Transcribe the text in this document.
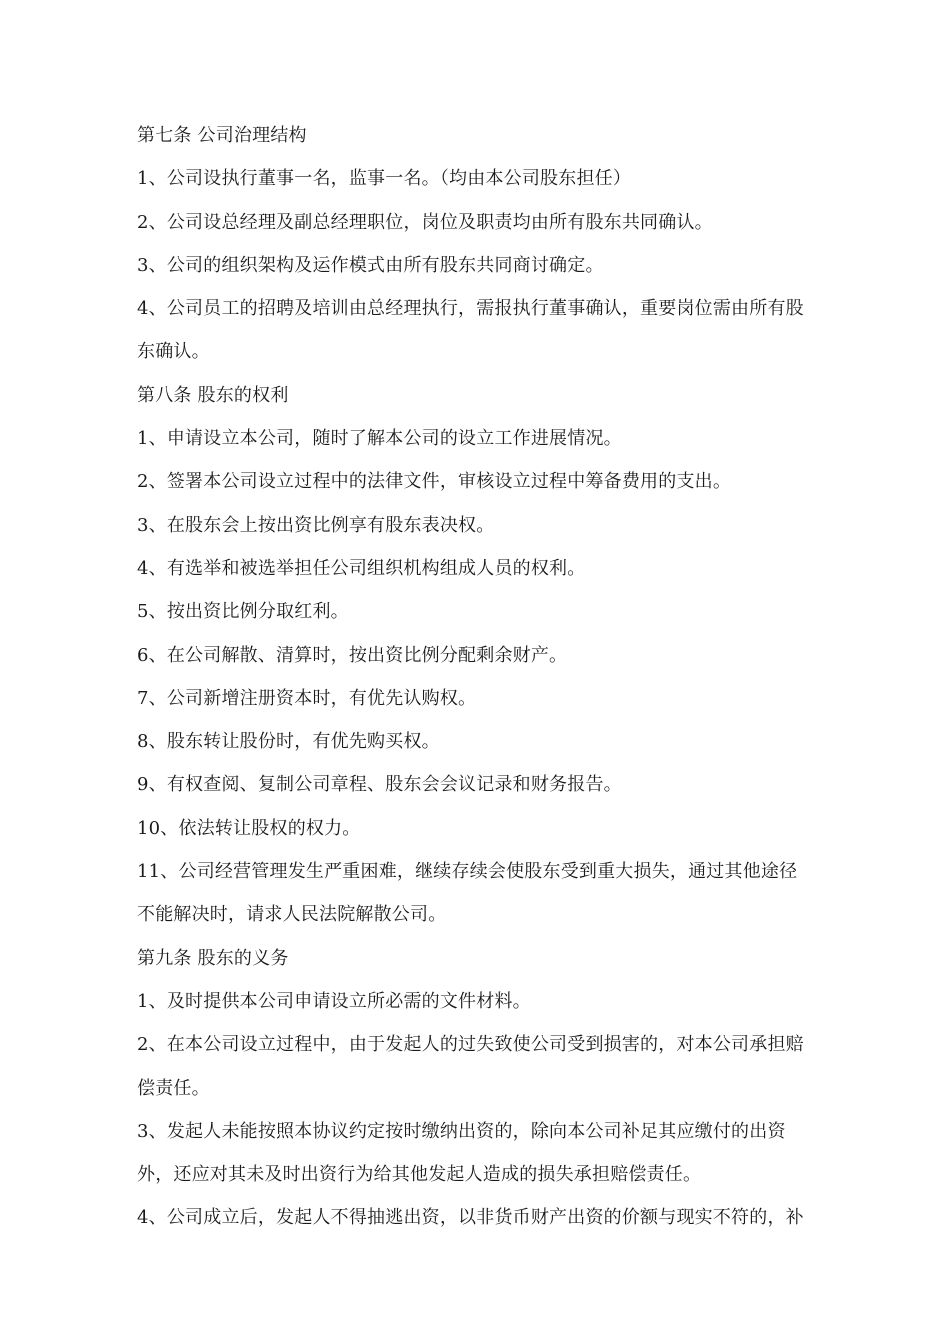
第七条 公司治理结构
1、公司设执行董事一名，监事一名。（均由本公司股东担任）
2、公司设总经理及副总经理职位，岗位及职责均由所有股东共同确认。
3、公司的组织架构及运作模式由所有股东共同商讨确定。
4、公司员工的招聘及培训由总经理执行，需报执行董事确认，重要岗位需由所有股
东确认。
第八条 股东的权利
1、申请设立本公司，随时了解本公司的设立工作进展情况。
2、签署本公司设立过程中的法律文件，审核设立过程中筹备费用的支出。
3、在股东会上按出资比例享有股东表决权。
4、有选举和被选举担任公司组织机构组成人员的权利。
5、按出资比例分取红利。
6、在公司解散、清算时，按出资比例分配剩余财产。
7、公司新增注册资本时，有优先认购权。
8、股东转让股份时，有优先购买权。
9、有权查阅、复制公司章程、股东会会议记录和财务报告。
10、依法转让股权的权力。
11、公司经营管理发生严重困难，继续存续会使股东受到重大损失，通过其他途径
不能解决时，请求人民法院解散公司。
第九条 股东的义务
1、及时提供本公司申请设立所必需的文件材料。
2、在本公司设立过程中，由于发起人的过失致使公司受到损害的，对本公司承担赔
偿责任。
3、发起人未能按照本协议约定按时缴纳出资的，除向本公司补足其应缴付的出资
外，还应对其未及时出资行为给其他发起人造成的损失承担赔偿责任。
4、公司成立后，发起人不得抽逃出资，以非货币财产出资的价额与现实不符的，补
